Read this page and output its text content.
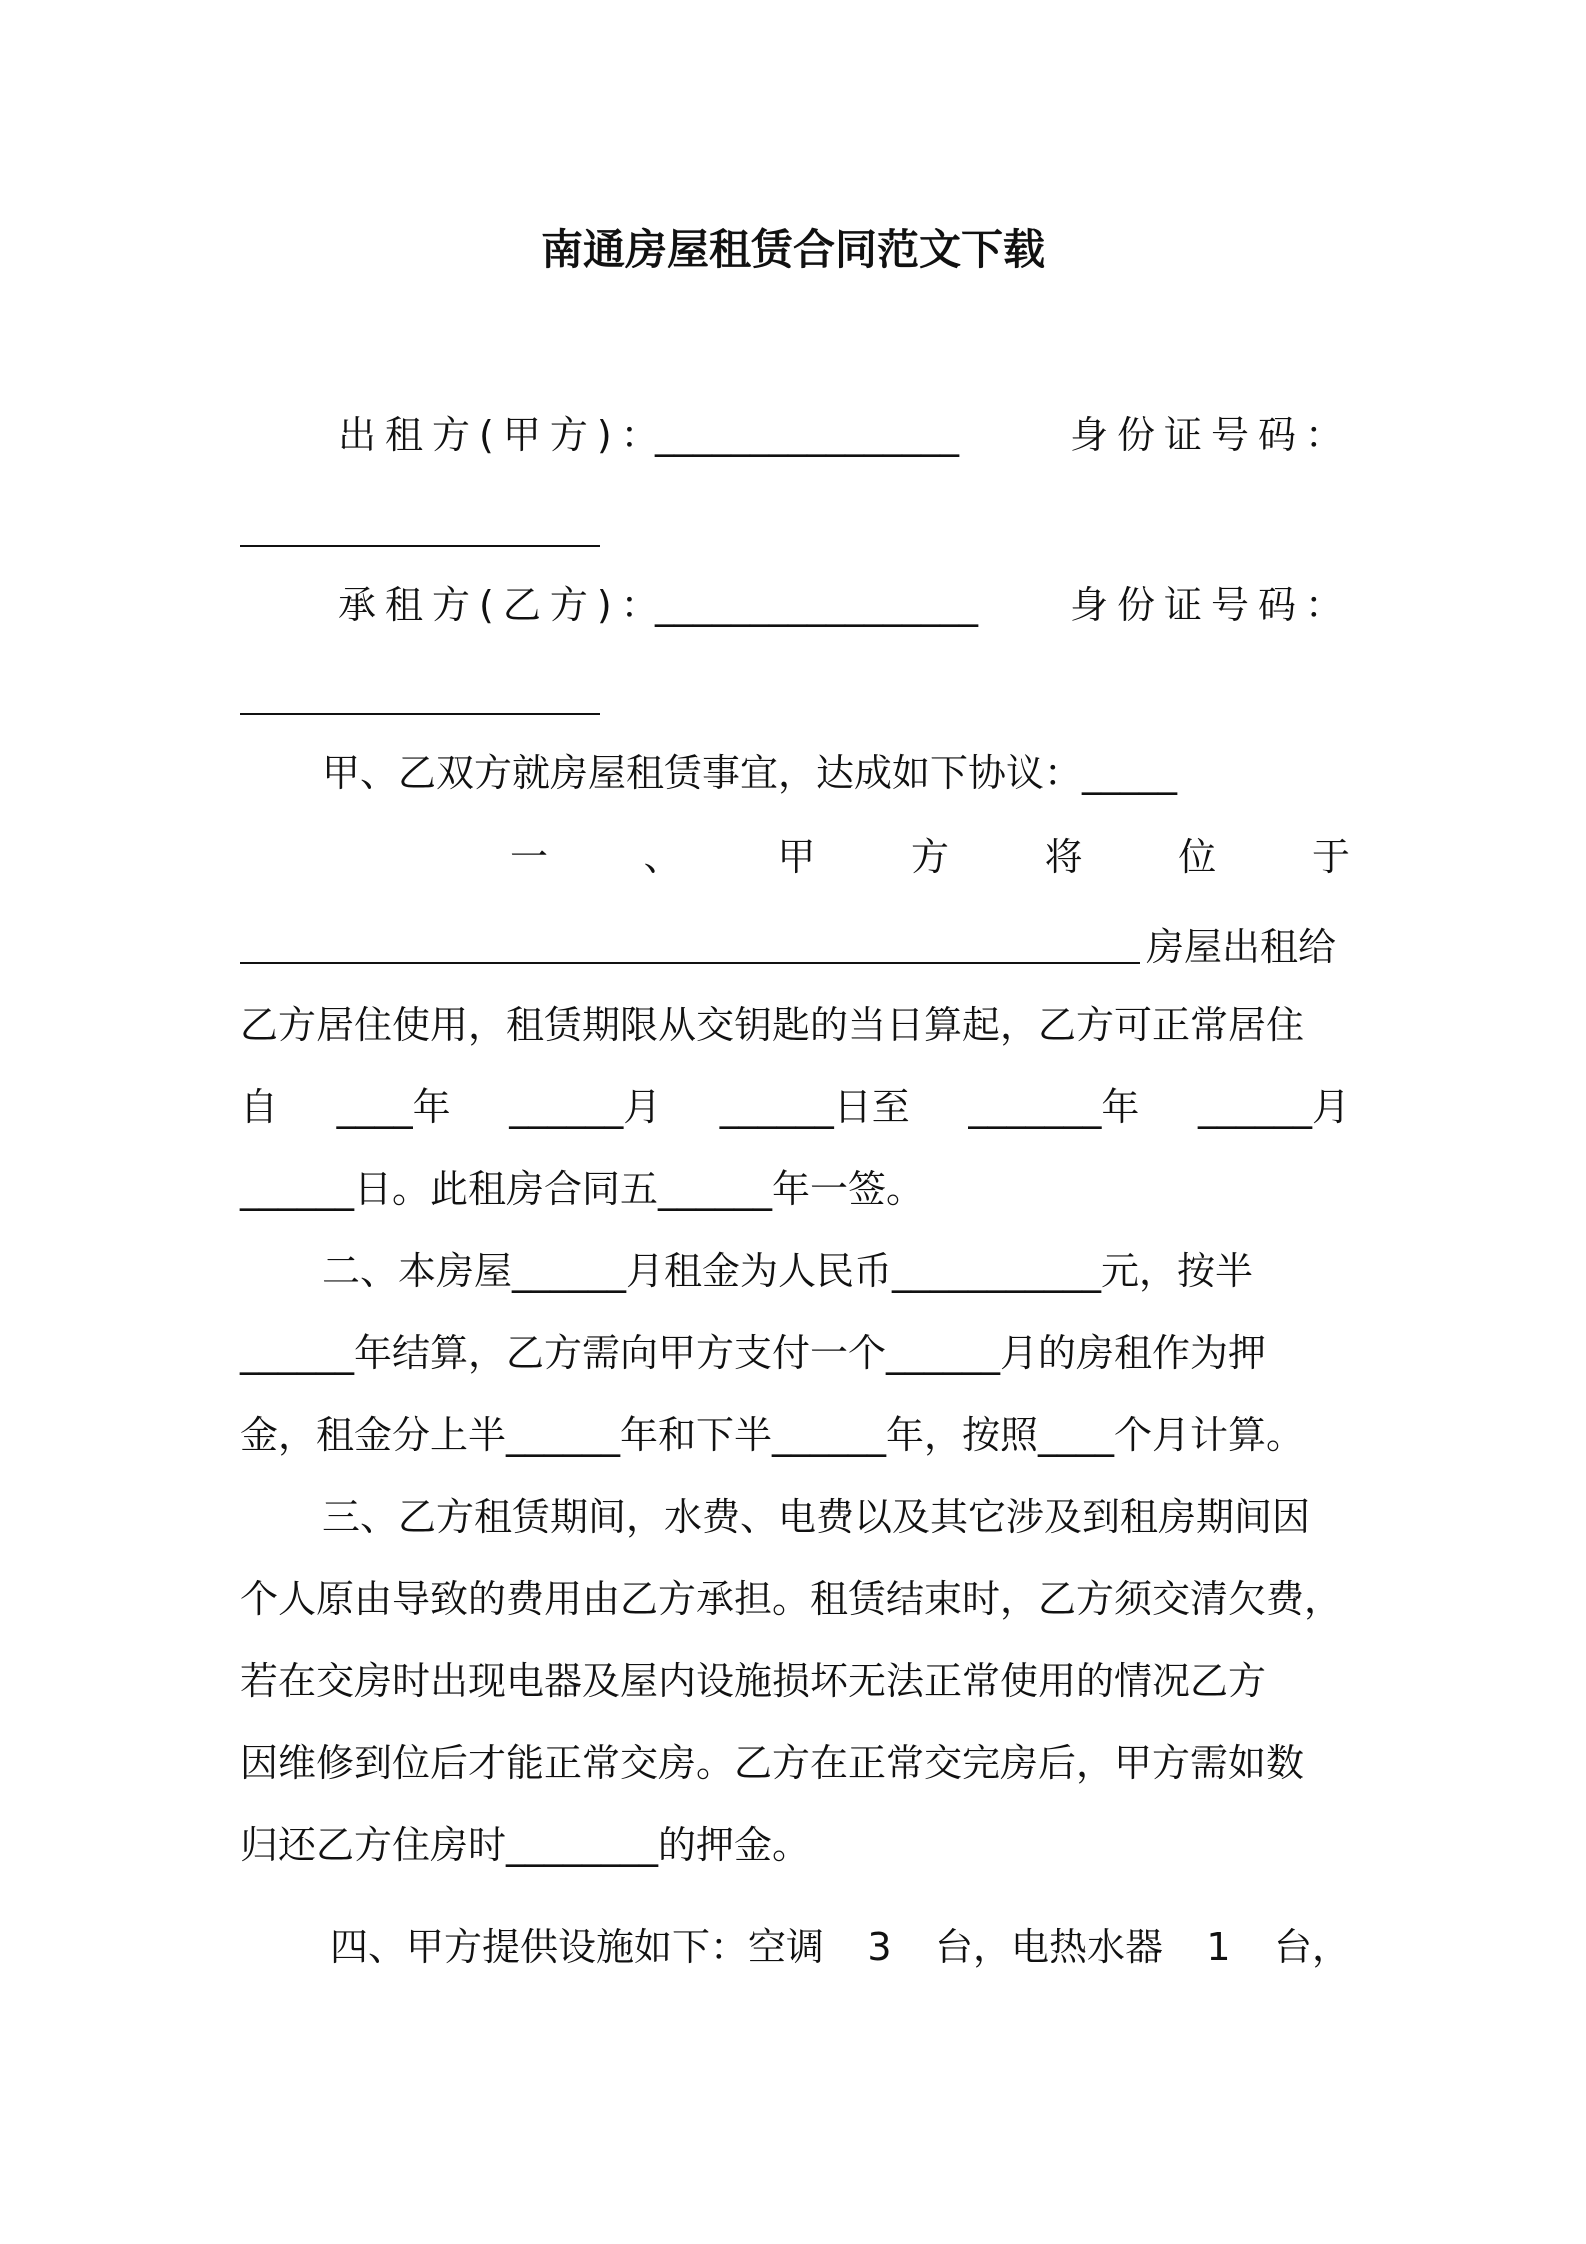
南通房屋租赁合同范文下载
出租方(甲方)：
________________	身份证号码：
承租方(乙方)：
_________________ 身份证号码：
甲、乙双方就房屋租赁事宜，达成如下协议：_____
一	、	甲	方	将	位	于
房屋出租给
乙方居住使用，租赁期限从交钥匙的当日算起，乙方可正常居住
自 ____年 ______月 ______日至 _______年 ______月
______日。此租房合同五______年一签。
二、本房屋______月租金为人民币___________元，按半
______年结算，乙方需向甲方支付一个______月的房租作为押
金，租金分上半______年和下半______年，按照____个月计算。
三、乙方租赁期间，水费、电费以及其它涉及到租房期间因
个人原由导致的费用由乙方承担。租赁结束时，乙方须交清欠费，
若在交房时出现电器及屋内设施损坏无法正常使用的情况乙方
因维修到位后才能正常交房。乙方在正常交完房后，甲方需如数
归还乙方住房时________的押金。
四、甲方提供设施如下：空调 3 台，电热水器 1 台，
